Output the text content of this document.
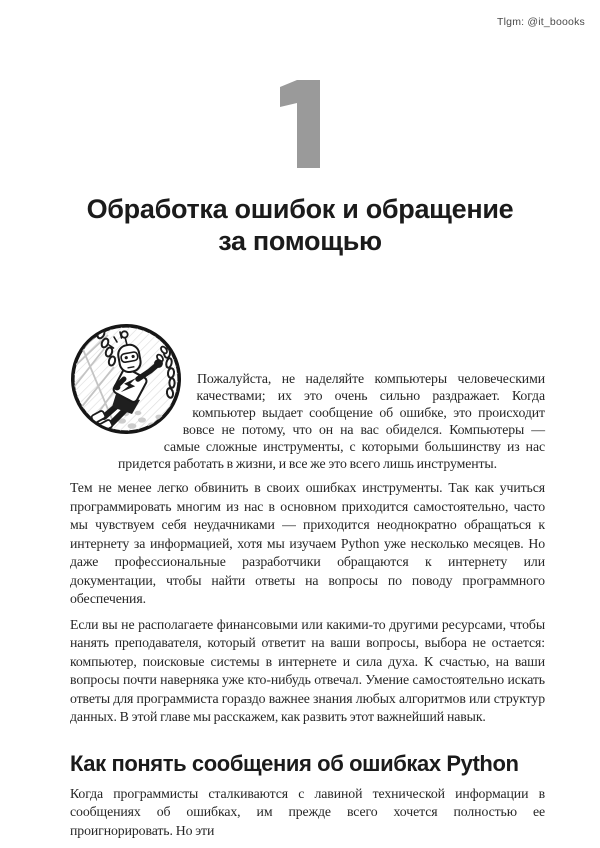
Tlgm: @it_boooks
Обработка ошибок и обращение
за помощью

Пожалуйста, не наделяйте компьютеры человеческими качествами; их это очень сильно раздражает. Когда компьютер выдает сообщение об ошибке, это происходит вовсе не потому, что он на вас обиделся. Компьютеры — самые сложные инструменты, с которыми большинству из нас придется работать в жизни, и все же это всего лишь инструменты.

Тем не менее легко обвинить в своих ошибках инструменты. Так как учиться программировать многим из нас в основном приходится самостоятельно, часто мы чувствуем себя неудачниками — приходится неоднократно обращаться к интернету за информацией, хотя мы изучаем Python уже несколько месяцев. Но даже профессиональные разработчики обращаются к интернету или документации, чтобы найти ответы на вопросы по поводу программного обеспечения.

Если вы не располагаете финансовыми или какими-то другими ресурсами, чтобы нанять преподавателя, который ответит на ваши вопросы, выбора не остается: компьютер, поисковые системы в интернете и сила духа. К счастью, на ваши вопросы почти наверняка уже кто-нибудь отвечал. Умение самостоятельно искать ответы для программиста гораздо важнее знания любых алгоритмов или структур данных. В этой главе мы расскажем, как развить этот важнейший навык.

Как понять сообщения об ошибках Python

Когда программисты сталкиваются с лавиной технической информации в сообщениях об ошибках, им прежде всего хочется полностью ее проигнорировать. Но эти
